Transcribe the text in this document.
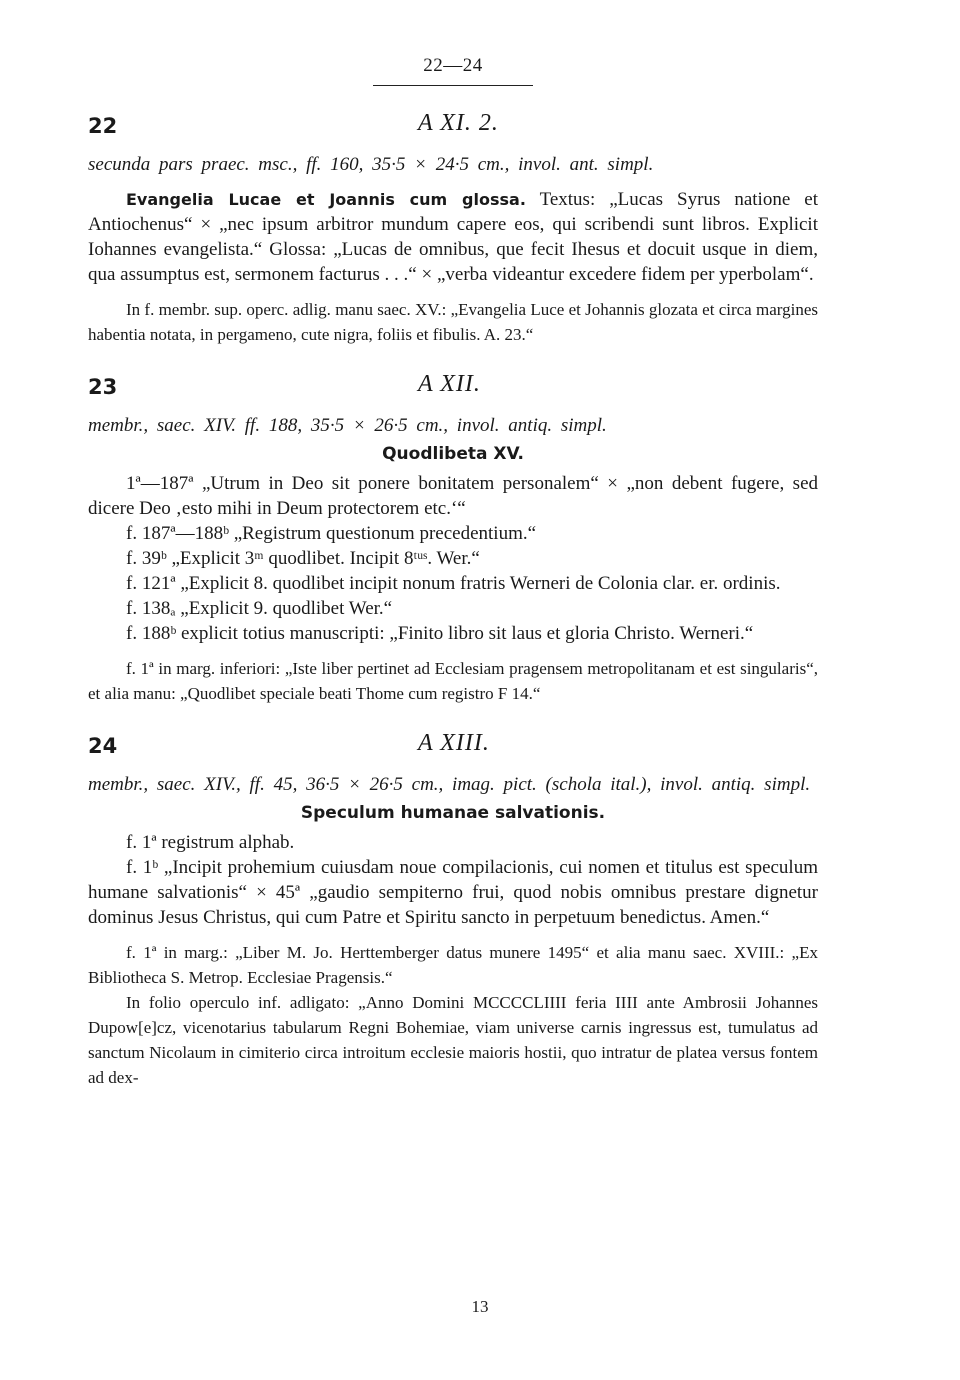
22—24
22	A XI. 2.
secunda pars praec. msc., ff. 160, 35·5 × 24·5 cm., invol. ant. simpl.

Evangelia Lucae et Joannis cum glossa. Textus: „Lucas Syrus natione et Antiochenus“ × „nec ipsum arbitror mundum capere eos, qui scribendi sunt libros. Explicit Iohannes evangelista.“ Glossa: „Lucas de omnibus, que fecit Ihesus et docuit usque in diem, qua assumptus est, sermonem facturus . . .“ × „verba videantur excedere fidem per yperbolam“.

In f. membr. sup. operc. adlig. manu saec. XV.: „Evangelia Luce et Johannis glozata et circa margines habentia notata, in pergameno, cute nigra, foliis et fibulis. A. 23.“

23	A XII.
membr., saec. XIV. ff. 188, 35·5 × 26·5 cm., invol. antiq. simpl.
Quodlibeta XV.

1ª—187ª „Utrum in Deo sit ponere bonitatem personalem“ × „non debent fugere, sed dicere Deo ‚esto mihi in Deum protectorem etc.‘“

f. 187ª—188ᵇ „Registrum questionum precedentium.“

f. 39ᵇ „Explicit 3ᵐ quodlibet. Incipit 8ᵗᵘˢ. Wer.“

f. 121ª „Explicit 8. quodlibet incipit nonum fratris Werneri de Colonia clar. er. ordinis.

f. 138ₐ „Explicit 9. quodlibet Wer.“

f. 188ᵇ explicit totius manuscripti: „Finito libro sit laus et gloria Christo. Werneri.“

f. 1ª in marg. inferiori: „Iste liber pertinet ad Ecclesiam pragensem metropolitanam et est singularis“, et alia manu: „Quodlibet speciale beati Thome cum registro F 14.“

24	A XIII.
membr., saec. XIV., ff. 45, 36·5 × 26·5 cm., imag. pict. (schola ital.), invol. antiq. simpl.
Speculum humanae salvationis.

f. 1ª registrum alphab.

f. 1ᵇ „Incipit prohemium cuiusdam noue compilacionis, cui nomen et titulus est speculum humane salvationis“ × 45ª „gaudio sempiterno frui, quod nobis omnibus prestare dignetur dominus Jesus Christus, qui cum Patre et Spiritu sancto in perpetuum benedictus. Amen.“

f. 1ª in marg.: „Liber M. Jo. Herttemberger datus munere 1495“ et alia manu saec. XVIII.: „Ex Bibliotheca S. Metrop. Ecclesiae Pragensis.“

In folio operculo inf. adligato: „Anno Domini MCCCCLIIII feria IIII ante Ambrosii Johannes Dupow[e]cz, vicenotarius tabularum Regni Bohemiae, viam universe carnis ingressus est, tumulatus ad sanctum Nicolaum in cimiterio circa introitum ecclesie maioris hostii, quo intratur de platea versus fontem ad dex-

13
